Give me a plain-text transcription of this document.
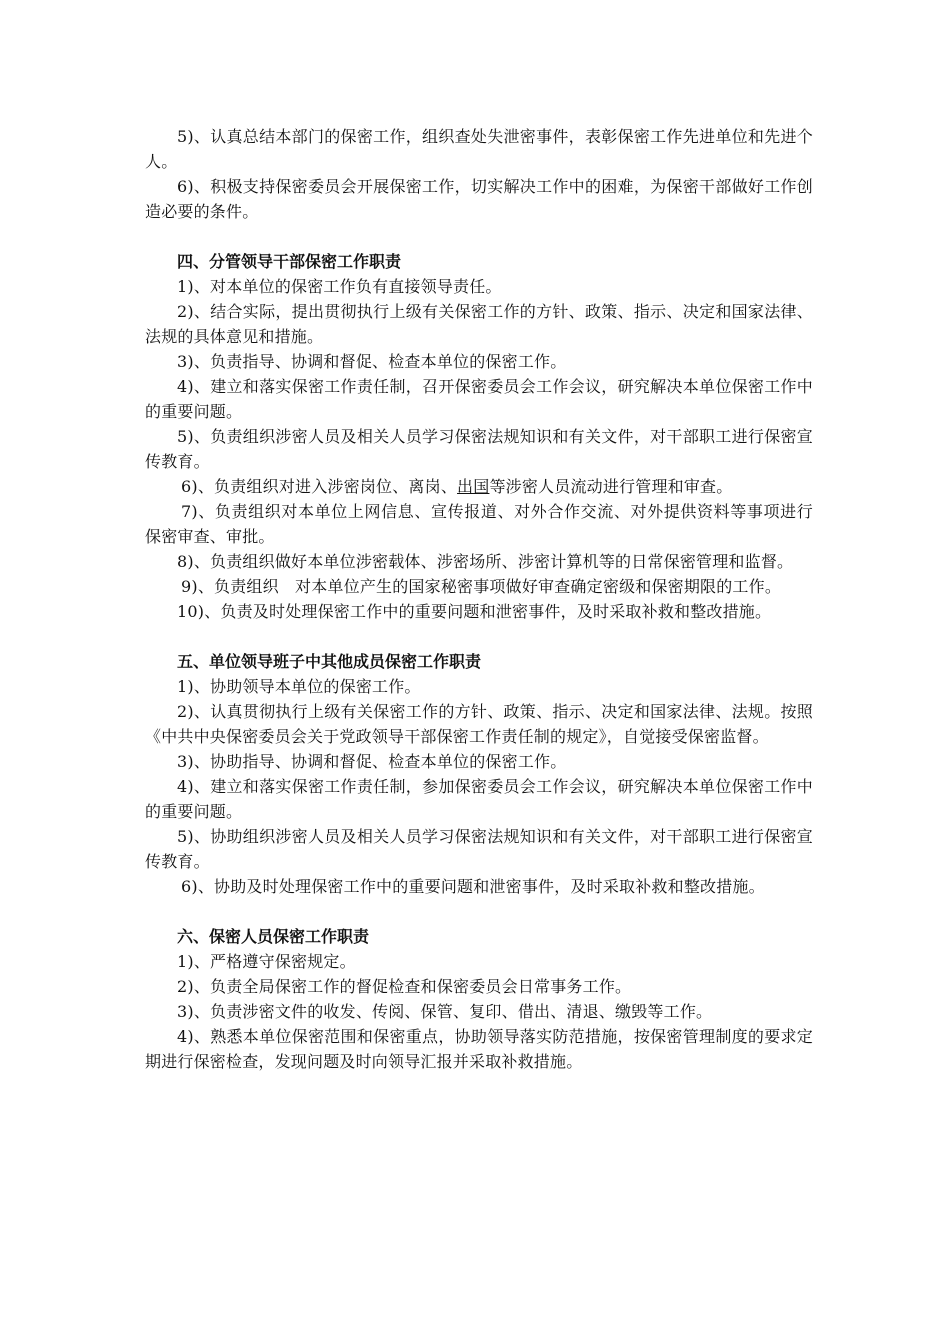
5)、认真总结本部门的保密工作，组织查处失泄密事件，表彰保密工作先进单位和先进个人。

6)、积极支持保密委员会开展保密工作，切实解决工作中的困难，为保密干部做好工作创造必要的条件。

四、分管领导干部保密工作职责

1)、对本单位的保密工作负有直接领导责任。

2)、结合实际，提出贯彻执行上级有关保密工作的方针、政策、指示、决定和国家法律、法规的具体意见和措施。

3)、负责指导、协调和督促、检查本单位的保密工作。

4)、建立和落实保密工作责任制，召开保密委员会工作会议，研究解决本单位保密工作中的重要问题。

5)、负责组织涉密人员及相关人员学习保密法规知识和有关文件，对干部职工进行保密宣传教育。

6)、负责组织对进入涉密岗位、离岗、出国等涉密人员流动进行管理和审查。

7)、负责组织对本单位上网信息、宣传报道、对外合作交流、对外提供资料等事项进行保密审查、审批。

8)、负责组织做好本单位涉密载体、涉密场所、涉密计算机等的日常保密管理和监督。

9)、负责组织　对本单位产生的国家秘密事项做好审查确定密级和保密期限的工作。

10)、负责及时处理保密工作中的重要问题和泄密事件，及时采取补救和整改措施。

五、单位领导班子中其他成员保密工作职责

1)、协助领导本单位的保密工作。

2)、认真贯彻执行上级有关保密工作的方针、政策、指示、决定和国家法律、法规。按照《中共中央保密委员会关于党政领导干部保密工作责任制的规定》，自觉接受保密监督。

3)、协助指导、协调和督促、检查本单位的保密工作。

4)、建立和落实保密工作责任制，参加保密委员会工作会议，研究解决本单位保密工作中的重要问题。

5)、协助组织涉密人员及相关人员学习保密法规知识和有关文件，对干部职工进行保密宣传教育。

6)、协助及时处理保密工作中的重要问题和泄密事件，及时采取补救和整改措施。

六、保密人员保密工作职责

1)、严格遵守保密规定。

2)、负责全局保密工作的督促检查和保密委员会日常事务工作。

3)、负责涉密文件的收发、传阅、保管、复印、借出、清退、缴毁等工作。

4)、熟悉本单位保密范围和保密重点，协助领导落实防范措施，按保密管理制度的要求定期进行保密检查，发现问题及时向领导汇报并采取补救措施。
